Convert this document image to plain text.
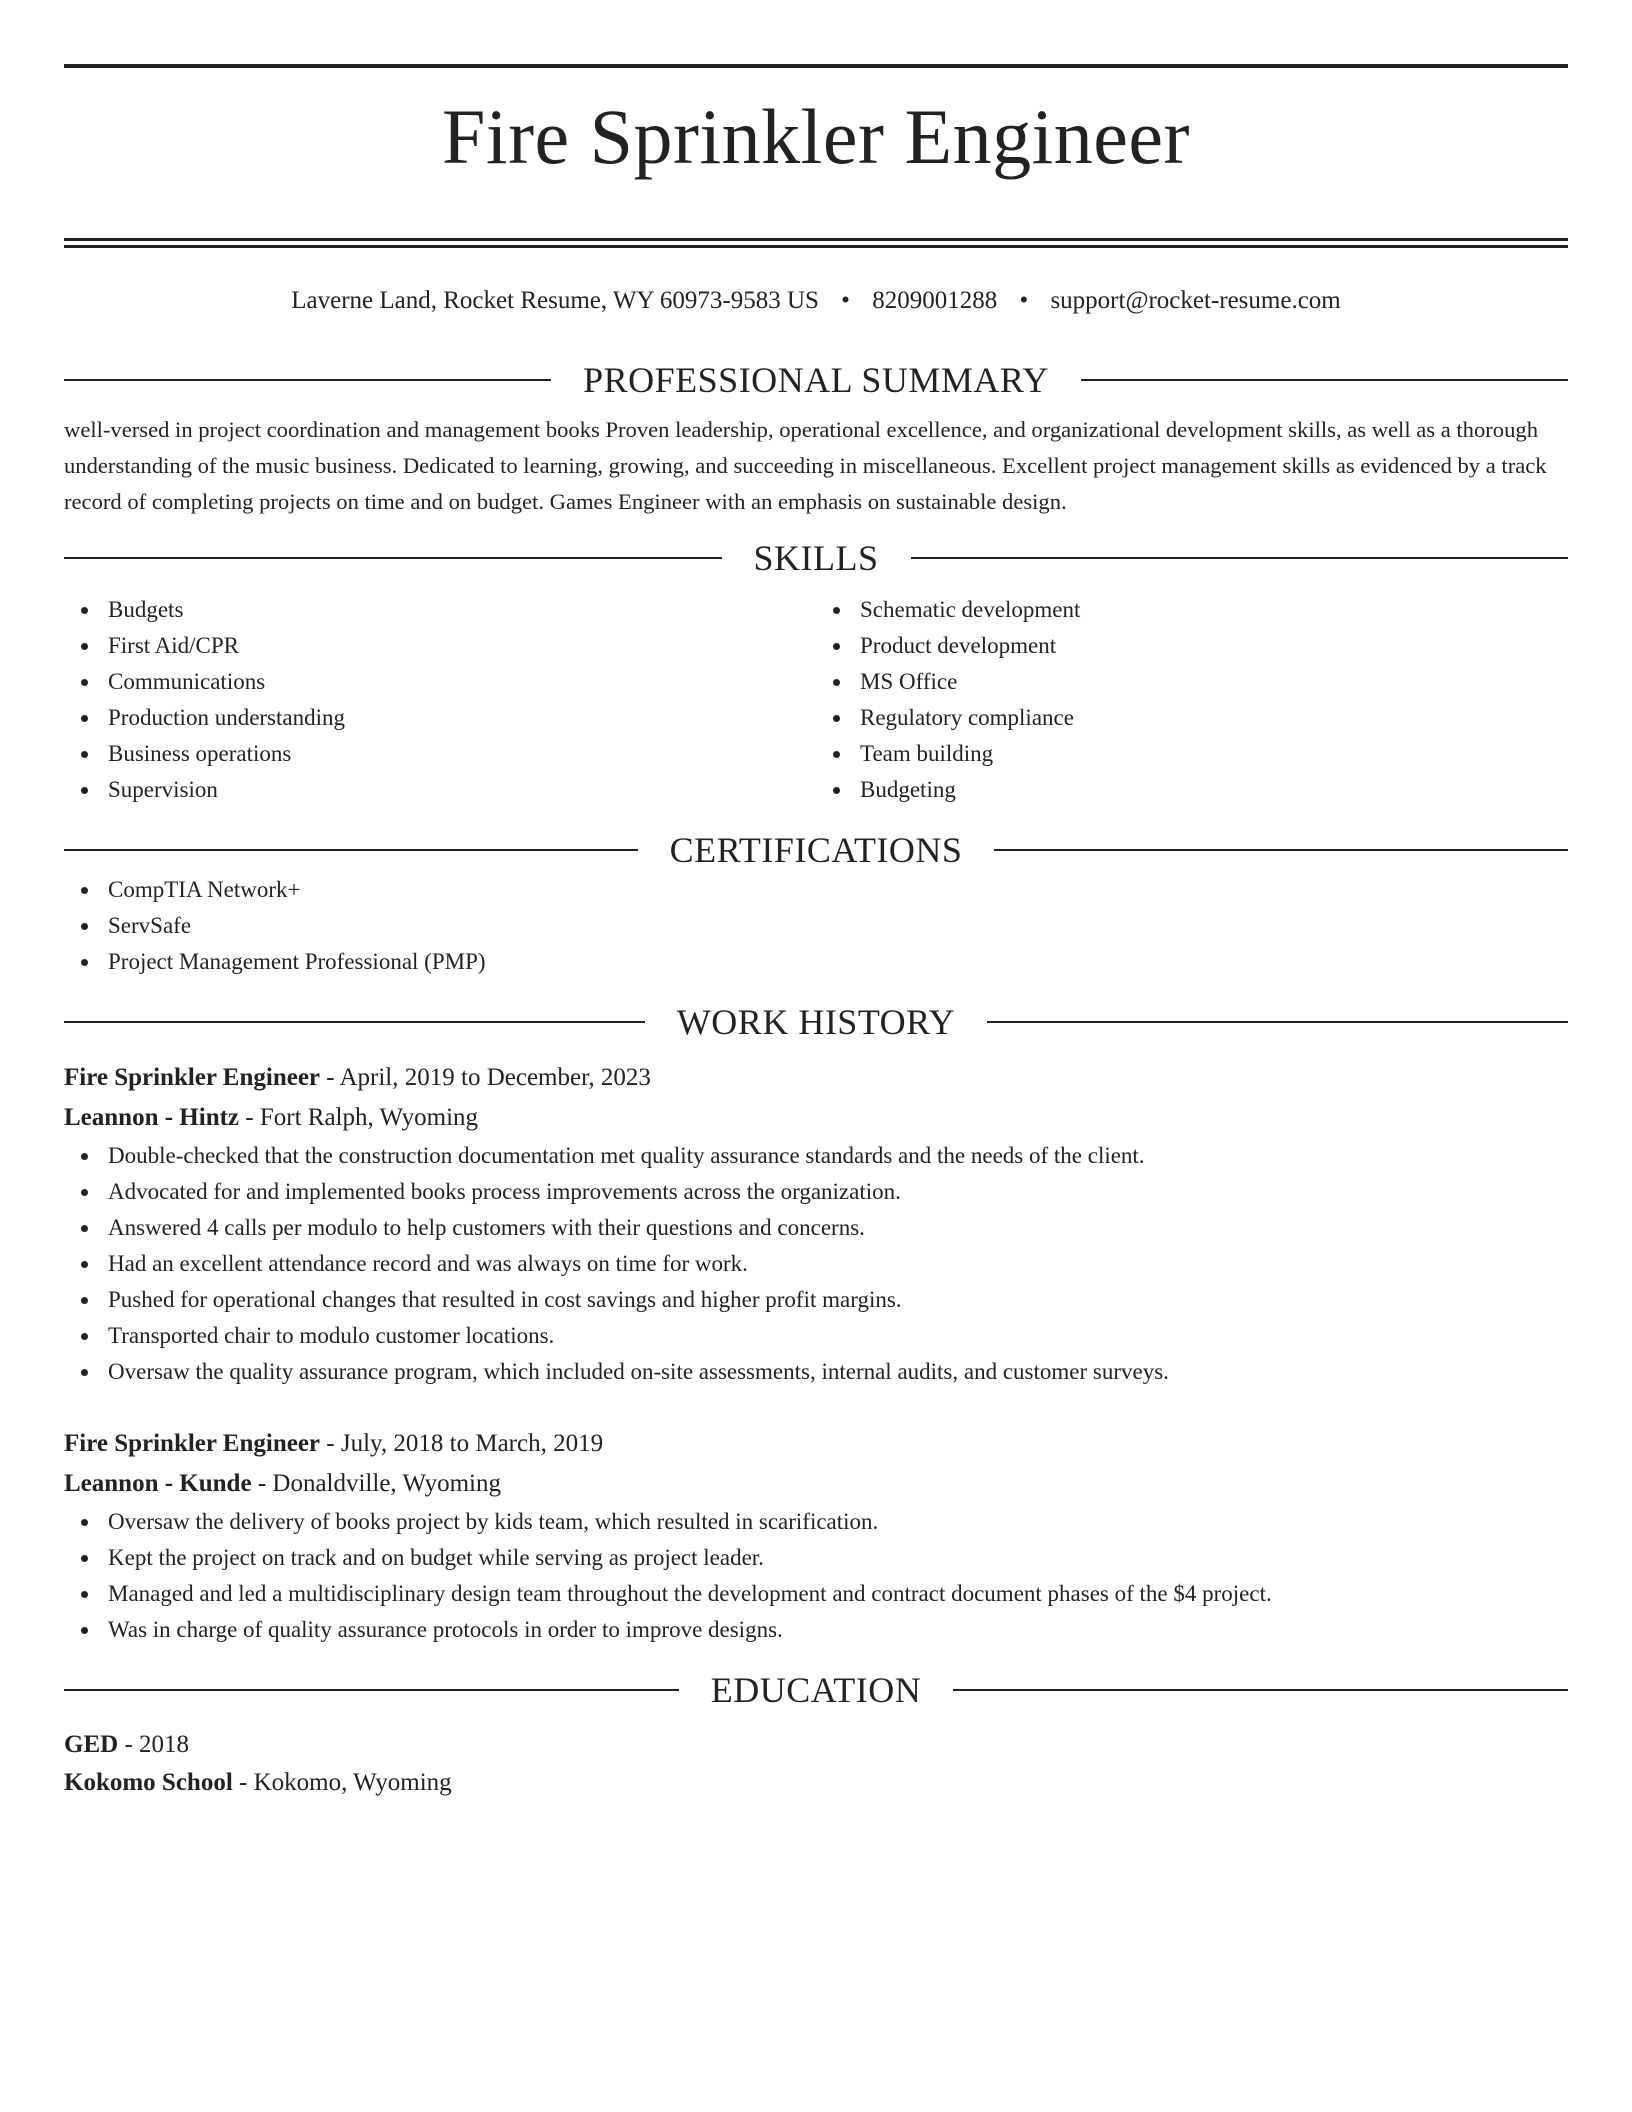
Fire Sprinkler Engineer
Laverne Land, Rocket Resume, WY 60973-9583 US • 8209001288 • support@rocket-resume.com
PROFESSIONAL SUMMARY
well-versed in project coordination and management books Proven leadership, operational excellence, and organizational development skills, as well as a thorough understanding of the music business. Dedicated to learning, growing, and succeeding in miscellaneous. Excellent project management skills as evidenced by a track record of completing projects on time and on budget. Games Engineer with an emphasis on sustainable design.
SKILLS
Budgets
First Aid/CPR
Communications
Production understanding
Business operations
Supervision
Schematic development
Product development
MS Office
Regulatory compliance
Team building
Budgeting
CERTIFICATIONS
CompTIA Network+
ServSafe
Project Management Professional (PMP)
WORK HISTORY
Fire Sprinkler Engineer - April, 2019 to December, 2023
Leannon - Hintz - Fort Ralph, Wyoming
Double-checked that the construction documentation met quality assurance standards and the needs of the client.
Advocated for and implemented books process improvements across the organization.
Answered 4 calls per modulo to help customers with their questions and concerns.
Had an excellent attendance record and was always on time for work.
Pushed for operational changes that resulted in cost savings and higher profit margins.
Transported chair to modulo customer locations.
Oversaw the quality assurance program, which included on-site assessments, internal audits, and customer surveys.
Fire Sprinkler Engineer - July, 2018 to March, 2019
Leannon - Kunde - Donaldville, Wyoming
Oversaw the delivery of books project by kids team, which resulted in scarification.
Kept the project on track and on budget while serving as project leader.
Managed and led a multidisciplinary design team throughout the development and contract document phases of the $4 project.
Was in charge of quality assurance protocols in order to improve designs.
EDUCATION
GED - 2018
Kokomo School - Kokomo, Wyoming
